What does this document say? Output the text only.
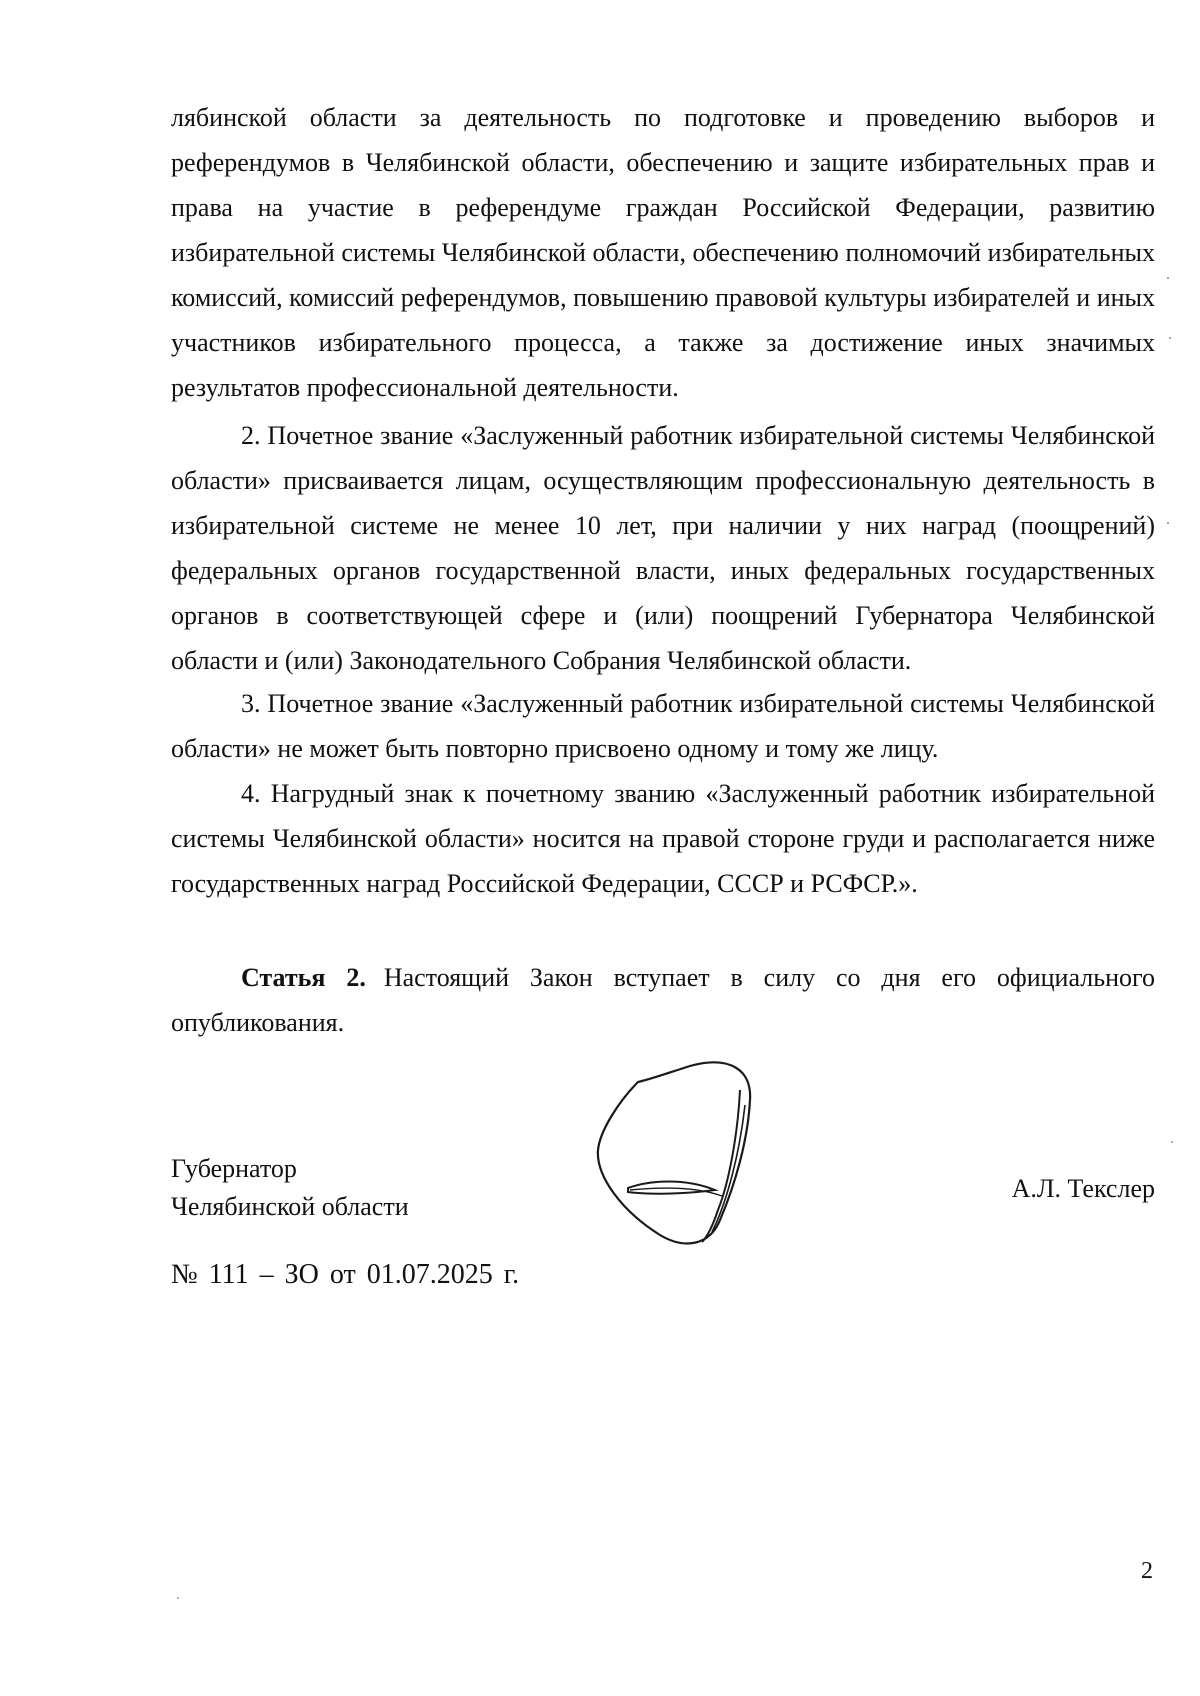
лябинской области за деятельность по подготовке и проведению выборов и референдумов в Челябинской области, обеспечению и защите избирательных прав и права на участие в референдуме граждан Российской Федерации, развитию избирательной системы Челябинской области, обеспечению полномочий избирательных комиссий, комиссий референдумов, повышению правовой культуры избирателей и иных участников избирательного процесса, а также за достижение иных значимых результатов профессиональной деятельности.

2. Почетное звание «Заслуженный работник избирательной системы Челябинской области» присваивается лицам, осуществляющим профессиональную деятельность в избирательной системе не менее 10 лет, при наличии у них наград (поощрений) федеральных органов государственной власти, иных федеральных государственных органов в соответствующей сфере и (или) поощрений Губернатора Челябинской области и (или) Законодательного Собрания Челябинской области.

3. Почетное звание «Заслуженный работник избирательной системы Челябинской области» не может быть повторно присвоено одному и тому же лицу.

4. Нагрудный знак к почетному званию «Заслуженный работник избирательной системы Челябинской области» носится на правой стороне груди и располагается ниже государственных наград Российской Федерации, СССР и РСФСР.».

Статья 2. Настоящий Закон вступает в силу со дня его официального опубликования.

Губернатор
Челябинской области
А.Л. Текслер
№ 111 – ЗО от 01.07.2025 г.
2
